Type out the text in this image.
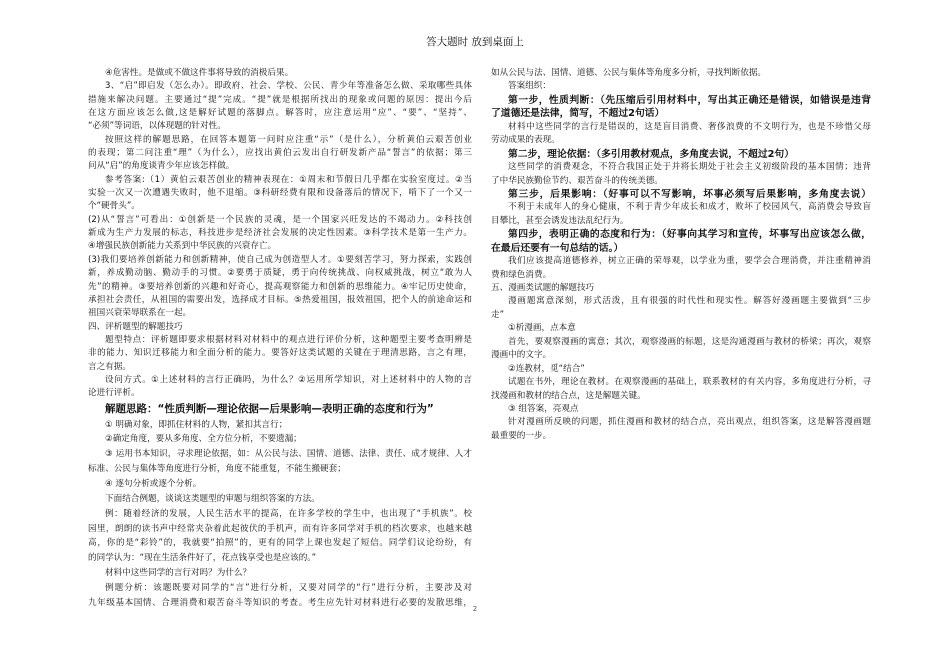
答大题时 放到桌面上
④危害性。是做或不做这件事将导致的消极后果。
3、“启”即启发（怎么办）。即政府、社会、学校、公民、青少年等准备怎么做、采取哪些具体
措施来解决问题。主要通过“提”完成。“提”就是根据所找出的现象或问题的原因：提出今后
在这方面应该怎么做,这是解好试题的落脚点。解答时，应注意运用“应”、“要”、“坚持”、
“必须”等词语，以体现题的针对性。
按照这样的解题思路，在回答本题第一问时应注重“示”（是什么），分析黄伯云艰苦创业
的表现；第二问注重“理”（为什么），应找出黄伯云发出自行研发新产品“誓言”的依据；第三
问从“启”的角度谈青少年应该怎样做。
参考答案:（1）黄伯云艰苦创业的精神表现在：①周末和节假日几乎都在实验室度过。②当
实验一次又一次遭遇失败时，他不退缩。③科研经费有限和设备落后的情况下，啃下了一个又一
个“硬骨头”。
(2)从“誓言”可看出：①创新是一个民族的灵魂，是一个国家兴旺发达的不竭动力。②科技创
新成为生产力发展的标志，科技进步是经济社会发展的决定性因素。③科学技术是第一生产力。
④增强民族创新能力关系到中华民族的兴衰存亡。
(3)我们要培养创新能力和创新精神，使自己成为创造型人才。①要刻苦学习，努力探索，实践创
新，养成勤动脑、勤动手的习惯。②要勇于质疑，勇于向传统挑战、向权威挑战，树立“敢为人
先”的精神。③要培养创新的兴趣和好奇心，提高观察能力和创新的思维能力。④牢记历史使命，
承担社会责任，从祖国的需要出发，选择成才目标。⑤热爱祖国，报效祖国，把个人的前途命运和
祖国兴衰荣辱联系在一起。
四、评析题型的解题技巧
题型特点：评析题即要求根据材料对材料中的观点进行评价分析，这种题型主要考查明辨是
非的能力、知识迁移能力和全面分析的能力。要答好这类试题的关键在于理清思路，言之有理，
言之有据。
设问方式。①上述材料的言行正确吗，为什么？②运用所学知识，对上述材料中的人物的言
论进行评析。
解题思路：“性质判断—理论依据—后果影响—表明正确的态度和行为”
① 明确对象，即抓住材料的人物，紧扣其言行；
②确定角度，要从多角度、全方位分析，不要遗漏；
③ 运用书本知识，寻求理论依据，如：从公民与法、国情、道德、法律、责任、成才规律、人才
标准、公民与集体等角度进行分析，角度不能重复，不能生搬硬套；
④ 逐句分析或逐个分析。
下面结合例题，谈谈这类题型的审题与组织答案的方法。
例：随着经济的发展，人民生活水平的提高，在许多学校的学生中，也出现了“手机族”。校
园里，朗朗的读书声中经常夹杂着此起彼伏的手机声，而有许多同学对手机的档次要求，也越来越
高，你的是“彩铃”的，我就要“拍照”的，更有的同学上课也发起了短信。同学们议论纷纷，有
的同学认为：“现在生活条件好了，花点钱享受也是应该的。”
材料中这些同学的言行对吗？为什么？
例题分析：该题既要对同学的“言”进行分析，又要对同学的“行”进行分析，主要涉及对
九年级基本国情、合理消费和艰苦奋斗等知识的考查。考生应先针对材料进行必要的发散思维，
如从公民与法、国情、道德、公民与集体等角度多分析，寻找判断依据。
答案组织：
第一步，性质判断：（先压缩后引用材料中，写出其正确还是错误，如错误是违背
了道德还是法律，简写，不超过2句话）
材料中这些同学的言行是错误的，这是盲目消费、奢侈浪费的不文明行为，也是不珍惜父母
劳动成果的表现。
第二步，理论依据：（多引用教材观点，多角度去说，不超过2句）
这些同学的消费观念，不符合我国正处于并将长期处于社会主义初级阶段的基本国情；违背
了中华民族勤俭节约、艰苦奋斗的传统美德。
第三步，后果影响：（好事可以不写影响，坏事必须写后果影响，多角度去说）
不利于未成年人的身心健康，不利于青少年成长和成才，败坏了校园风气，高消费会导致盲
目攀比，甚至会诱发违法乱纪行为。
第四步，表明正确的态度和行为：（好事向其学习和宣传，坏事写出应该怎么做，
在最后还要有一句总结的话。）
我们应该提高道德修养，树立正确的荣辱观，以学业为重，要学会合理消费，并注重精神消
费和绿色消费。
五、漫画类试题的解题技巧
漫画题寓意深刻，形式活泼，且有很强的时代性和现实性。解答好漫画题主要做到“三步
走”
①析漫画，点本意
首先，要观察漫画的寓意；其次，观察漫画的标题，这是沟通漫画与教材的桥梁；再次，观察
漫画中的文字。
②连教材，觅“结合”
试题在书外，理论在教材。在观察漫画的基础上，联系教材的有关内容，多角度进行分析，寻
找漫画和教材的结合点，这是解题关键。
③ 组答案，亮观点
针对漫画所反映的问题，抓住漫画和教材的结合点，亮出观点，组织答案，这是解答漫画题
最重要的一步。
2
